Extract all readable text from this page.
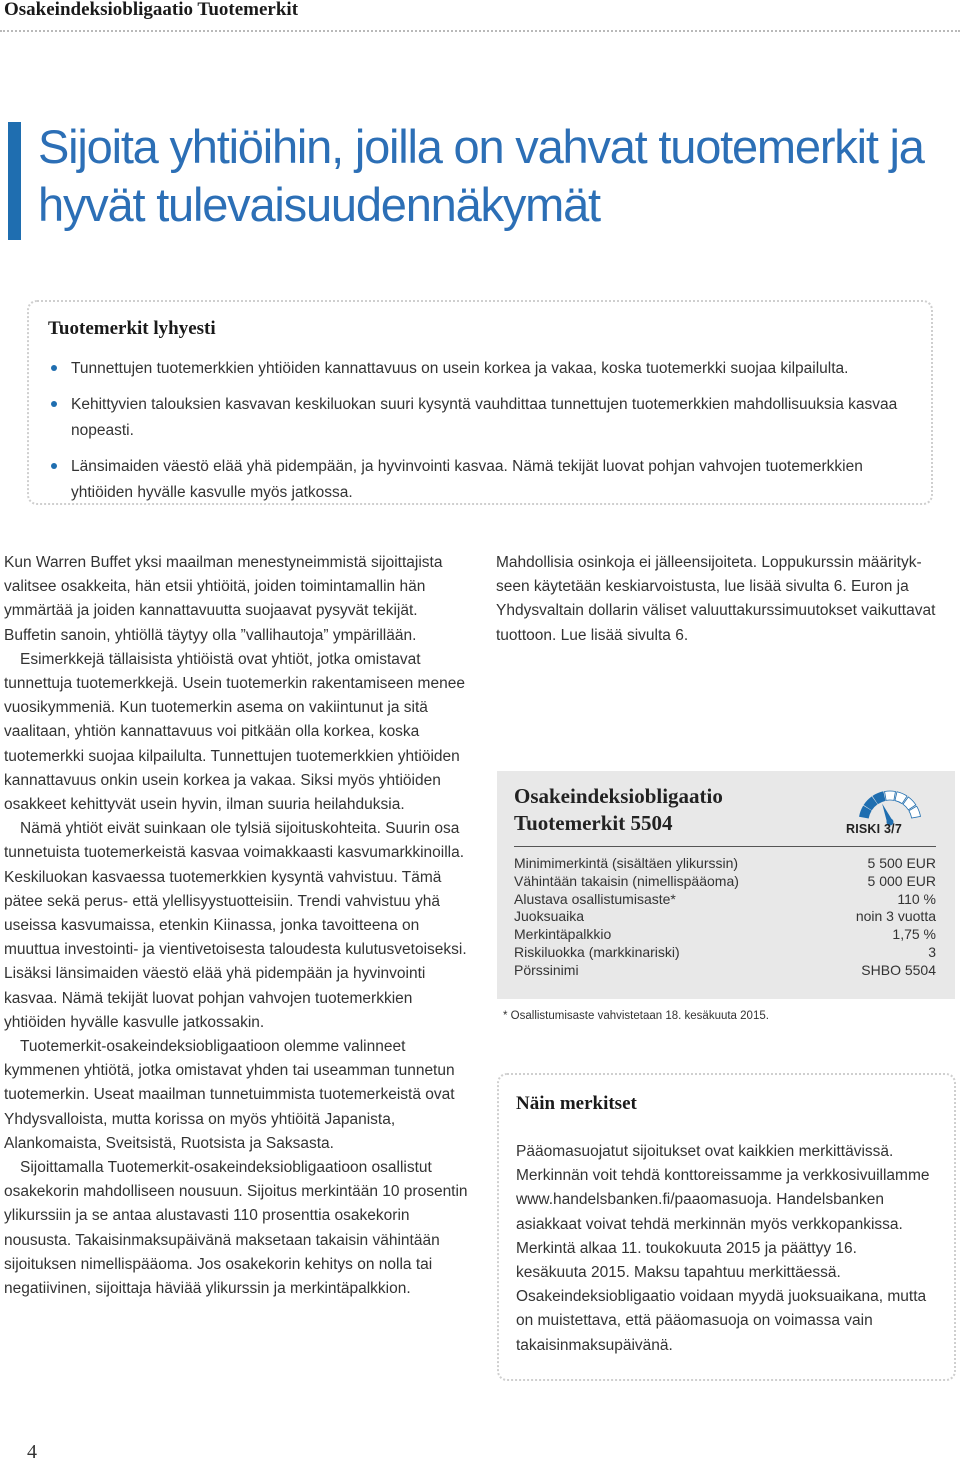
Osakeindeksiobligaatio Tuotemerkit
Sijoita yhtiöihin, joilla on vahvat tuotemerkit ja hyvät tulevaisuudennäkymät
Tuotemerkit lyhyesti
Tunnettujen tuotemerkkien yhtiöiden kannattavuus on usein korkea ja vakaa, koska tuotemerkki suojaa kilpailulta.
Kehittyvien talouksien kasvavan keskiluokan suuri kysyntä vauhdittaa tunnettujen tuotemerkkien mahdollisuuksia kasvaa nopeasti.
Länsimaiden väestö elää yhä pidempään, ja hyvinvointi kasvaa. Nämä tekijät luovat pohjan vahvojen tuotemerkkien yhtiöiden hyvälle kasvulle myös jatkossa.

Kun Warren Buffet yksi maailman menestyneimmistä sijoittajista valitsee osakkeita, hän etsii yhtiöitä, joiden toimintamallin hän ymmärtää ja joiden kannattavuutta suojaavat pysyvät tekijät. Buffetin sanoin, yhtiöllä täytyy olla ”vallihautoja” ympärillään.

Esimerkkejä tällaisista yhtiöistä ovat yhtiöt, jotka omistavat tunnettuja tuotemerkkejä. Usein tuotemerkin rakentamiseen menee vuosikymmeniä. Kun tuotemerkin asema on vakiintunut ja sitä vaalitaan, yhtiön kannattavuus voi pitkään olla korkea, koska tuotemerkki suojaa kilpailulta. Tunnettujen tuotemerkkien yhtiöiden kannattavuus onkin usein korkea ja vakaa. Siksi myös yhtiöiden osakkeet kehittyvät usein hyvin, ilman suuria heilahduksia.

Nämä yhtiöt eivät suinkaan ole tylsiä sijoituskohteita. Suurin osa tunnetuista tuotemerkeistä kasvaa voimakkaasti kasvumarkkinoilla. Keskiluokan kasvaessa tuotemerkkien kysyntä vahvistuu. Tämä pätee sekä perus- että ylellisyystuotteisiin. Trendi vahvistuu yhä useissa kasvumaissa, etenkin Kiinassa, jonka tavoitteena on muuttua investointi- ja vientivetoisesta taloudesta kulutusvetoiseksi. Lisäksi länsimaiden väestö elää yhä pidempään ja hyvinvointi kasvaa. Nämä tekijät luovat pohjan vahvojen tuotemerkkien yhtiöiden hyvälle kasvulle jatkossakin.

Tuotemerkit-osakeindeksiobligaatioon olemme valinneet kymmenen yhtiötä, jotka omistavat yhden tai useamman tunnetun tuotemerkin. Useat maailman tunnetuimmista tuotemerkeistä ovat Yhdysvalloista, mutta korissa on myös yhtiöitä Japanista, Alankomaista, Sveitsistä, Ruotsista ja Saksasta.

Sijoittamalla Tuotemerkit-osakeindeksiobligaatioon osallistut osakekorin mahdolliseen nousuun. Sijoitus merkintään 10 prosentin ylikurssiin ja se antaa alustavasti 110 prosenttia osakekorin noususta. Takaisinmaksupäivänä maksetaan takaisin vähintään sijoituksen nimellispääoma. Jos osakekorin kehitys on nolla tai negatiivinen, sijoittaja häviää ylikurssin ja merkintäpalkkion.

Mahdollisia osinkoja ei jälleensijoiteta. Loppukurssin määrityk-seen käytetään keskiarvoistusta, lue lisää sivulta 6. Euron ja Yhdysvaltain dollarin väliset valuuttakurssimuutokset vaikuttavat tuottoon. Lue lisää sivulta 6.

Osakeindeksiobligaatio Tuotemerkit 5504	RISKI 3/7
Minimimerkintä (sisältäen ylikurssin)	5 500 EUR
Vähintään takaisin (nimellispääoma)	5 000 EUR
Alustava osallistumisaste*	110 %
Juoksuaika	noin 3 vuotta
Merkintäpalkkio	1,75 %
Riskiluokka (markkinariski)	3
Pörssinimi	SHBO 5504
* Osallistumisaste vahvistetaan 18. kesäkuuta 2015.
Näin merkitset

Pääomasuojatut sijoitukset ovat kaikkien merkittävissä. Merkinnän voit tehdä konttoreissamme ja verkkosivuillamme www.handelsbanken.fi/paaomasuoja. Handelsbanken asiakkaat voivat tehdä merkinnän myös verkkopankissa. Merkintä alkaa 11. toukokuuta 2015 ja päättyy 16. kesäkuuta 2015. Maksu tapahtuu merkittäessä. Osakeindeksiobligaatio voidaan myydä juoksuaikana, mutta on muistettava, että pääomasuoja on voimassa vain takaisinmaksupäivänä.

4
